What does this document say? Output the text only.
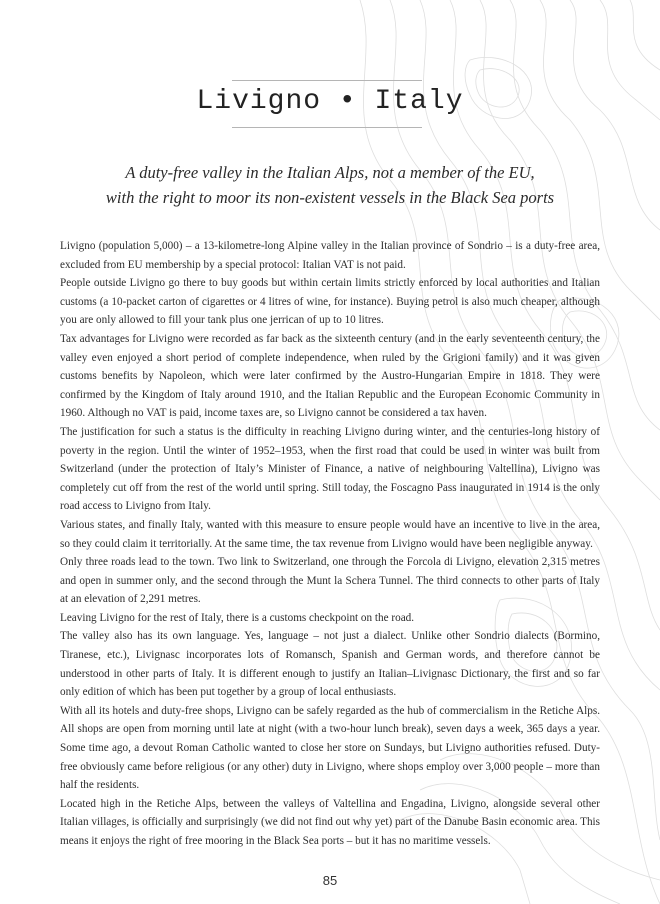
Livigno • Italy
A duty-free valley in the Italian Alps, not a member of the EU,
with the right to moor its non-existent vessels in the Black Sea ports

Livigno (population 5,000) – a 13-kilometre-long Alpine valley in the Italian province of Sondrio – is a duty-free area, excluded from EU membership by a special protocol: Italian VAT is not paid.

People outside Livigno go there to buy goods but within certain limits strictly enforced by local authorities and Italian customs (a 10-packet carton of cigarettes or 4 litres of wine, for instance). Buying petrol is also much cheaper, although you are only allowed to fill your tank plus one jerrican of up to 10 litres.

Tax advantages for Livigno were recorded as far back as the sixteenth century (and in the early seventeenth century, the valley even enjoyed a short period of complete independence, when ruled by the Grigioni family) and it was given customs benefits by Napoleon, which were later confirmed by the Austro-Hungarian Empire in 1818. They were confirmed by the Kingdom of Italy around 1910, and the Italian Republic and the European Economic Community in 1960. Although no VAT is paid, income taxes are, so Livigno cannot be considered a tax haven.

The justification for such a status is the difficulty in reaching Livigno during winter, and the centuries-long history of poverty in the region. Until the winter of 1952–1953, when the first road that could be used in winter was built from Switzerland (under the protection of Italy’s Minister of Finance, a native of neighbouring Valtellina), Livigno was completely cut off from the rest of the world until spring. Still today, the Foscagno Pass inaugurated in 1914 is the only road access to Livigno from Italy.

Various states, and finally Italy, wanted with this measure to ensure people would have an incentive to live in the area, so they could claim it territorially. At the same time, the tax revenue from Livigno would have been negligible anyway.

Only three roads lead to the town. Two link to Switzerland, one through the Forcola di Livigno, elevation 2,315 metres and open in summer only, and the second through the Munt la Schera Tunnel. The third connects to other parts of Italy at an elevation of 2,291 metres.

Leaving Livigno for the rest of Italy, there is a customs checkpoint on the road.

The valley also has its own language. Yes, language – not just a dialect. Unlike other Sondrio dialects (Bormino, Tiranese, etc.), Livignasc incorporates lots of Romansch, Spanish and German words, and therefore cannot be understood in other parts of Italy. It is different enough to justify an Italian–Livignasc Dictionary, the first and so far only edition of which has been put together by a group of local enthusiasts.

With all its hotels and duty-free shops, Livigno can be safely regarded as the hub of commercialism in the Retiche Alps. All shops are open from morning until late at night (with a two-hour lunch break), seven days a week, 365 days a year. Some time ago, a devout Roman Catholic wanted to close her store on Sundays, but Livigno authorities refused. Duty-free obviously came before religious (or any other) duty in Livigno, where shops employ over 3,000 people – more than half the residents.

Located high in the Retiche Alps, between the valleys of Valtellina and Engadina, Livigno, alongside several other Italian villages, is officially and surprisingly (we did not find out why yet) part of the Danube Basin economic area. This means it enjoys the right of free mooring in the Black Sea ports – but it has no maritime vessels.

85
